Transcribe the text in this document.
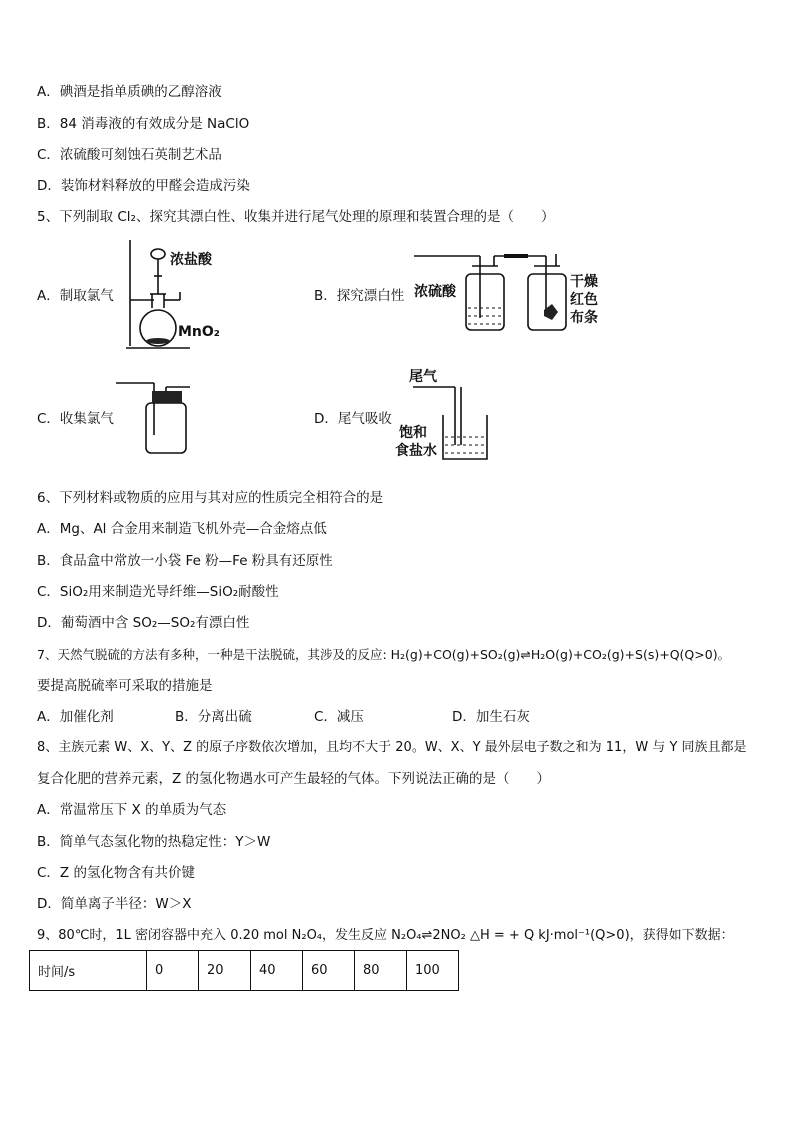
A．碘酒是指单质碘的乙醇溶液
B．84 消毒液的有效成分是 NaClO
C．浓硫酸可刻蚀石英制艺术品
D．装饰材料释放的甲醛会造成污染
5、下列制取 Cl₂、探究其漂白性、收集并进行尾气处理的原理和装置合理的是（　　）
A．制取氯气	B．探究漂白性
浓盐酸
MnO₂
浓硫酸
干燥
红色
布条
C．收集氯气	D．尾气吸收
尾气
饱和
食盐水
6、下列材料或物质的应用与其对应的性质完全相符合的是
A．Mg、Al 合金用来制造飞机外壳—合金熔点低
B．食品盒中常放一小袋 Fe 粉—Fe 粉具有还原性
C．SiO₂用来制造光导纤维—SiO₂耐酸性
D．葡萄酒中含 SO₂—SO₂有漂白性
7、天然气脱硫的方法有多种，一种是干法脱硫，其涉及的反应: H₂(g)+CO(g)+SO₂(g)⇌H₂O(g)+CO₂(g)+S(s)+Q(Q>0)。
要提高脱硫率可采取的措施是
A．加催化剂	B．分离出硫	C．减压	D．加生石灰
8、主族元素 W、X、Y、Z 的原子序数依次增加，且均不大于 20。W、X、Y 最外层电子数之和为 11，W 与 Y 同族且都是
复合化肥的营养元素，Z 的氢化物遇水可产生最轻的气体。下列说法正确的是（　　）
A．常温常压下 X 的单质为气态
B．简单气态氢化物的热稳定性：Y＞W
C．Z 的氢化物含有共价键
D．简单离子半径：W＞X
9、80℃时，1L 密闭容器中充入 0.20 mol N₂O₄，发生反应 N₂O₄⇌2NO₂ △H = + Q kJ·mol⁻¹(Q>0)，获得如下数据：
时间/s	0	20	40	60	80	100
